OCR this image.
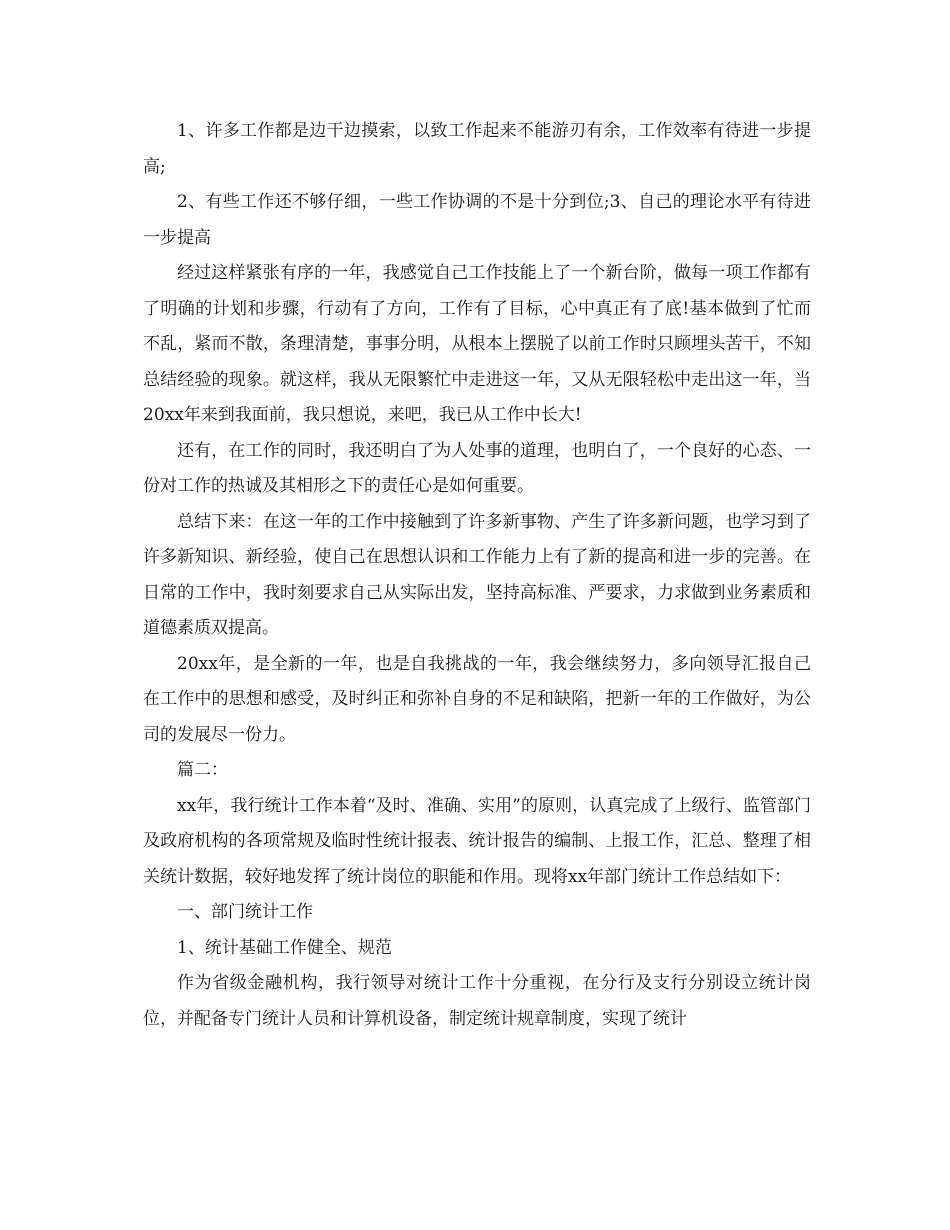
1、许多工作都是边干边摸索，以致工作起来不能游刃有余，工作效率有待进一步提高;

2、有些工作还不够仔细，一些工作协调的不是十分到位;3、自己的理论水平有待进一步提高

经过这样紧张有序的一年，我感觉自己工作技能上了一个新台阶，做每一项工作都有了明确的计划和步骤，行动有了方向，工作有了目标，心中真正有了底!基本做到了忙而不乱，紧而不散，条理清楚，事事分明，从根本上摆脱了以前工作时只顾埋头苦干，不知总结经验的现象。就这样，我从无限繁忙中走进这一年，又从无限轻松中走出这一年，当20xx年来到我面前，我只想说，来吧，我已从工作中长大!

还有，在工作的同时，我还明白了为人处事的道理，也明白了，一个良好的心态、一份对工作的热诚及其相形之下的责任心是如何重要。

总结下来：在这一年的工作中接触到了许多新事物、产生了许多新问题，也学习到了许多新知识、新经验，使自己在思想认识和工作能力上有了新的提高和进一步的完善。在日常的工作中，我时刻要求自己从实际出发，坚持高标准、严要求，力求做到业务素质和道德素质双提高。

20xx年，是全新的一年，也是自我挑战的一年，我会继续努力，多向领导汇报自己在工作中的思想和感受，及时纠正和弥补自身的不足和缺陷，把新一年的工作做好，为公司的发展尽一份力。

篇二：

xx年，我行统计工作本着“及时、准确、实用”的原则，认真完成了上级行、监管部门及政府机构的各项常规及临时性统计报表、统计报告的编制、上报工作，汇总、整理了相关统计数据，较好地发挥了统计岗位的职能和作用。现将xx年部门统计工作总结如下：

一、部门统计工作

1、统计基础工作健全、规范

作为省级金融机构，我行领导对统计工作十分重视，在分行及支行分别设立统计岗位，并配备专门统计人员和计算机设备，制定统计规章制度，实现了统计
